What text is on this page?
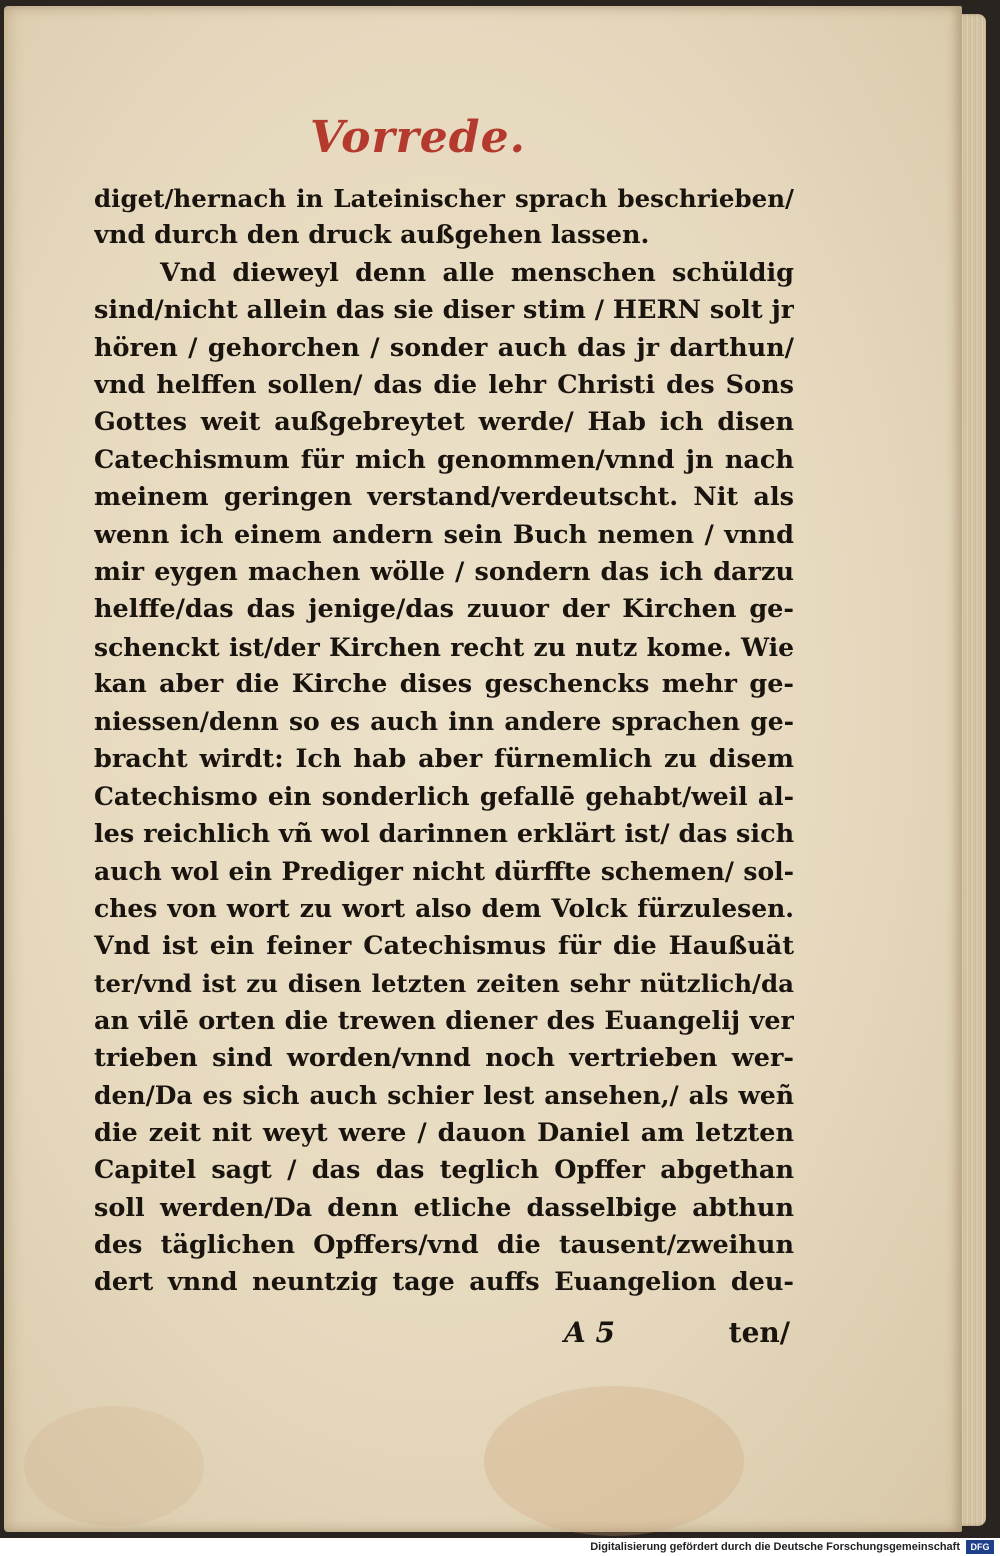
Vorrede.
diget/hernach in Lateinischer sprach beschrieben/
vnd durch den druck außgehen lassen.
Vnd dieweyl denn alle menschen schüldig
sind/nicht allein das sie diser stim / HERN solt jr
hören / gehorchen / sonder auch das jr darthun/
vnd helffen sollen/ das die lehr Christi des Sons
Gottes weit außgebreytet werde/ Hab ich disen
Catechismum für mich genommen/vnnd jn nach
meinem geringen verstand/verdeutscht. Nit als
wenn ich einem andern sein Buch nemen / vnnd
mir eygen machen wölle / sondern das ich darzu
helffe/das das jenige/das zuuor der Kirchen ge-
schenckt ist/der Kirchen recht zu nutz kome. Wie
kan aber die Kirche dises geschencks mehr ge-
niessen/denn so es auch inn andere sprachen ge-
bracht wirdt: Ich hab aber fürnemlich zu disem
Catechismo ein sonderlich gefallē gehabt/weil al-
les reichlich vñ wol darinnen erklärt ist/ das sich
auch wol ein Prediger nicht dürffte schemen/ sol-
ches von wort zu wort also dem Volck fürzulesen.
Vnd ist ein feiner Catechismus für die Haußuät
ter/vnd ist zu disen letzten zeiten sehr nützlich/da
an vilē orten die trewen diener des Euangelij ver
trieben sind worden/vnnd noch vertrieben wer-
den/Da es sich auch schier lest ansehen,/ als weñ
die zeit nit weyt were / dauon Daniel am letzten
Capitel sagt / das das teglich Opffer abgethan
soll werden/Da denn etliche dasselbige abthun
des täglichen Opffers/vnd die tausent/zweihun
dert vnnd neuntzig tage auffs Euangelion deu-
A 5	ten/
Digitalisierung gefördert durch die Deutsche Forschungsgemeinschaft	DFG
